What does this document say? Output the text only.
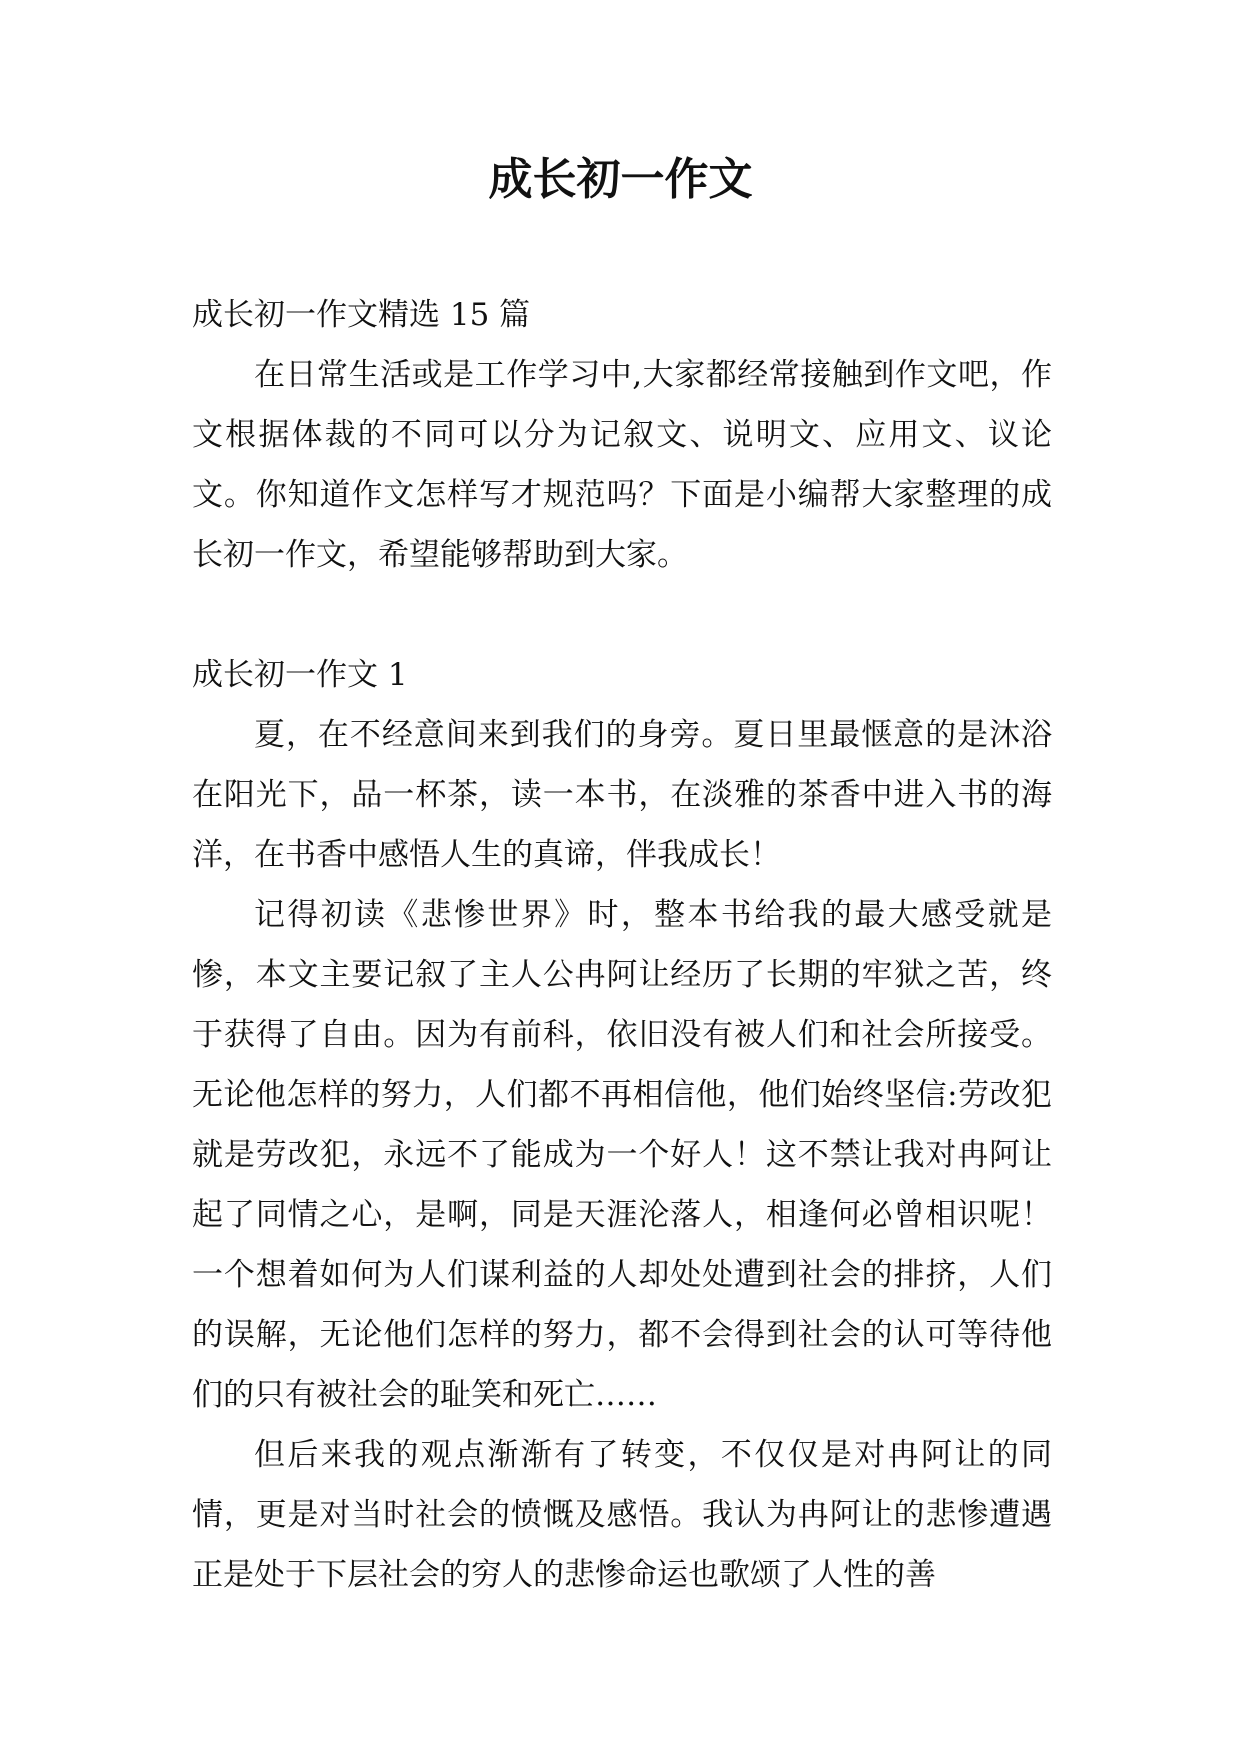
成长初一作文

成长初一作文精选 15 篇

在日常生活或是工作学习中,大家都经常接触到作文吧，作文根据体裁的不同可以分为记叙文、说明文、应用文、议论文。你知道作文怎样写才规范吗？下面是小编帮大家整理的成长初一作文，希望能够帮助到大家。

成长初一作文 1

夏，在不经意间来到我们的身旁。夏日里最惬意的是沐浴在阳光下，品一杯茶，读一本书，在淡雅的茶香中进入书的海洋，在书香中感悟人生的真谛，伴我成长！

记得初读《悲惨世界》时，整本书给我的最大感受就是惨，本文主要记叙了主人公冉阿让经历了长期的牢狱之苦，终于获得了自由。因为有前科，依旧没有被人们和社会所接受。无论他怎样的努力，人们都不再相信他，他们始终坚信:劳改犯就是劳改犯，永远不了能成为一个好人！这不禁让我对冉阿让起了同情之心，是啊，同是天涯沦落人，相逢何必曾相识呢！一个想着如何为人们谋利益的人却处处遭到社会的排挤，人们的误解，无论他们怎样的努力，都不会得到社会的认可等待他们的只有被社会的耻笑和死亡……

但后来我的观点渐渐有了转变，不仅仅是对冉阿让的同情，更是对当时社会的愤慨及感悟。我认为冉阿让的悲惨遭遇正是处于下层社会的穷人的悲惨命运也歌颂了人性的善
